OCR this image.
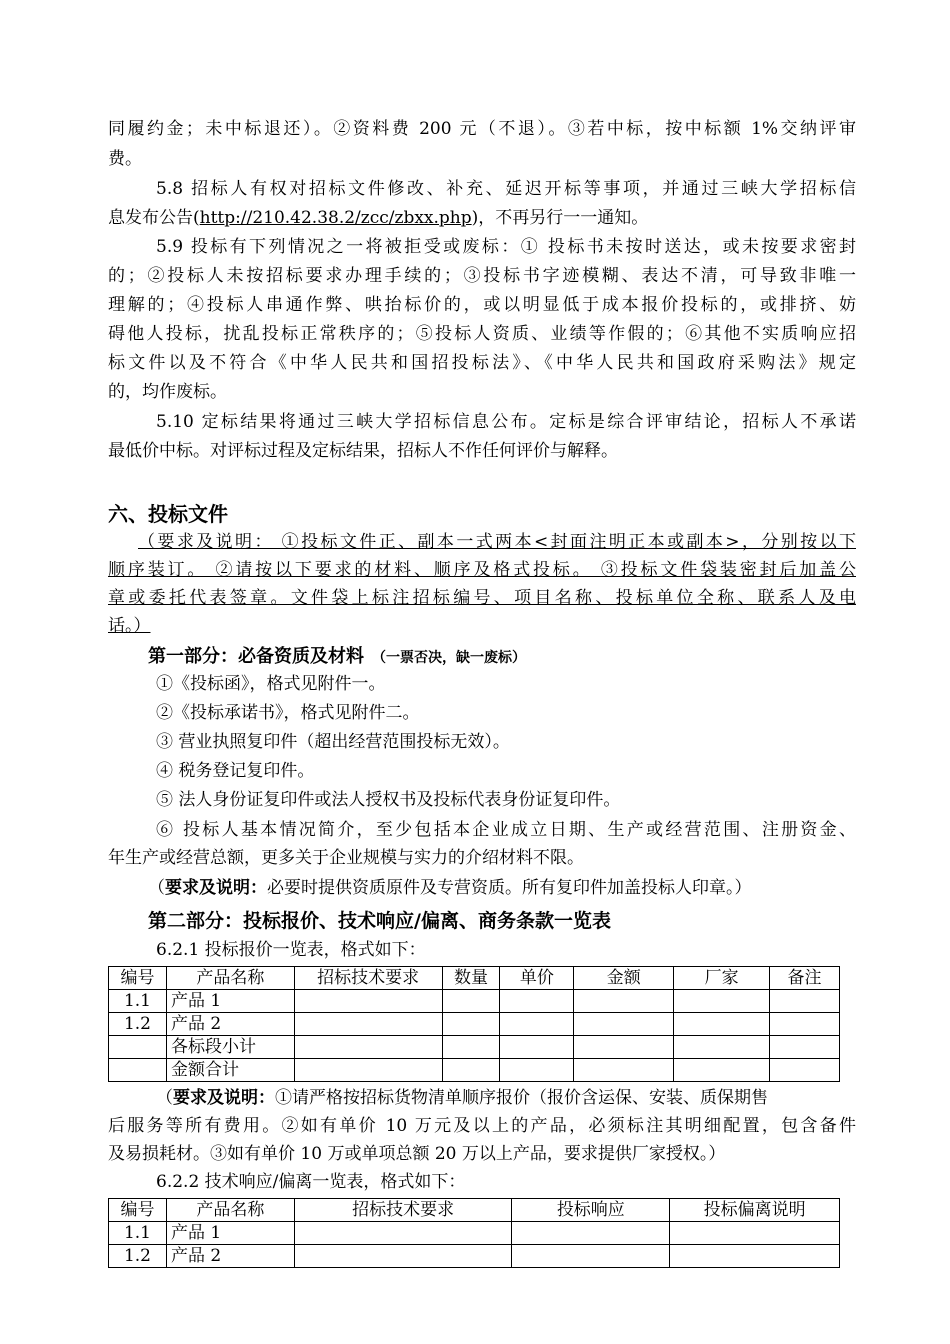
同履约金；未中标退还）。②资料费 200 元（不退）。③若中标，按中标额 1%交纳评审
费。
5.8 招标人有权对招标文件修改、补充、延迟开标等事项，并通过三峡大学招标信
息发布公告(http://210.42.38.2/zcc/zbxx.php)，不再另行一一通知。
5.9 投标有下列情况之一将被拒受或废标：① 投标书未按时送达，或未按要求密封
的；②投标人未按招标要求办理手续的；③投标书字迹模糊、表达不清，可导致非唯一
理解的；④投标人串通作弊、哄抬标价的，或以明显低于成本报价投标的，或排挤、妨
碍他人投标，扰乱投标正常秩序的；⑤投标人资质、业绩等作假的；⑥其他不实质响应招
标文件以及不符合《中华人民共和国招投标法》、《中华人民共和国政府采购法》规定
的，均作废标。
5.10 定标结果将通过三峡大学招标信息公布。定标是综合评审结论，招标人不承诺
最低价中标。对评标过程及定标结果，招标人不作任何评价与解释。
六、投标文件
（要求及说明： ①投标文件正、副本一式两本<封面注明正本或副本>，分别按以下
顺序装订。 ②请按以下要求的材料、顺序及格式投标。 ③投标文件袋装密封后加盖公
章或委托代表签章。文件袋上标注招标编号、项目名称、投标单位全称、联系人及电
话。）
第一部分：必备资质及材料 （一票否决，缺一废标）
①《投标函》，格式见附件一。
②《投标承诺书》，格式见附件二。
③ 营业执照复印件（超出经营范围投标无效）。
④ 税务登记复印件。
⑤ 法人身份证复印件或法人授权书及投标代表身份证复印件。
⑥ 投标人基本情况简介，至少包括本企业成立日期、生产或经营范围、注册资金、
年生产或经营总额，更多关于企业规模与实力的介绍材料不限。
（要求及说明：必要时提供资质原件及专营资质。所有复印件加盖投标人印章。）
第二部分：投标报价、技术响应/偏离、商务条款一览表
6.2.1 投标报价一览表，格式如下：
编号	产品名称	招标技术要求	数量	单价	金额	厂家	备注
1.1	产品 1						
1.2	产品 2						
	各标段小计						
	金额合计						
（要求及说明：①请严格按招标货物清单顺序报价（报价含运保、安装、质保期售
后服务等所有费用。②如有单价 10 万元及以上的产品，必须标注其明细配置，包含备件
及易损耗材。③如有单价 10 万或单项总额 20 万以上产品，要求提供厂家授权。）
6.2.2 技术响应/偏离一览表，格式如下：
编号	产品名称	招标技术要求	投标响应	投标偏离说明
1.1	产品 1			
1.2	产品 2			
